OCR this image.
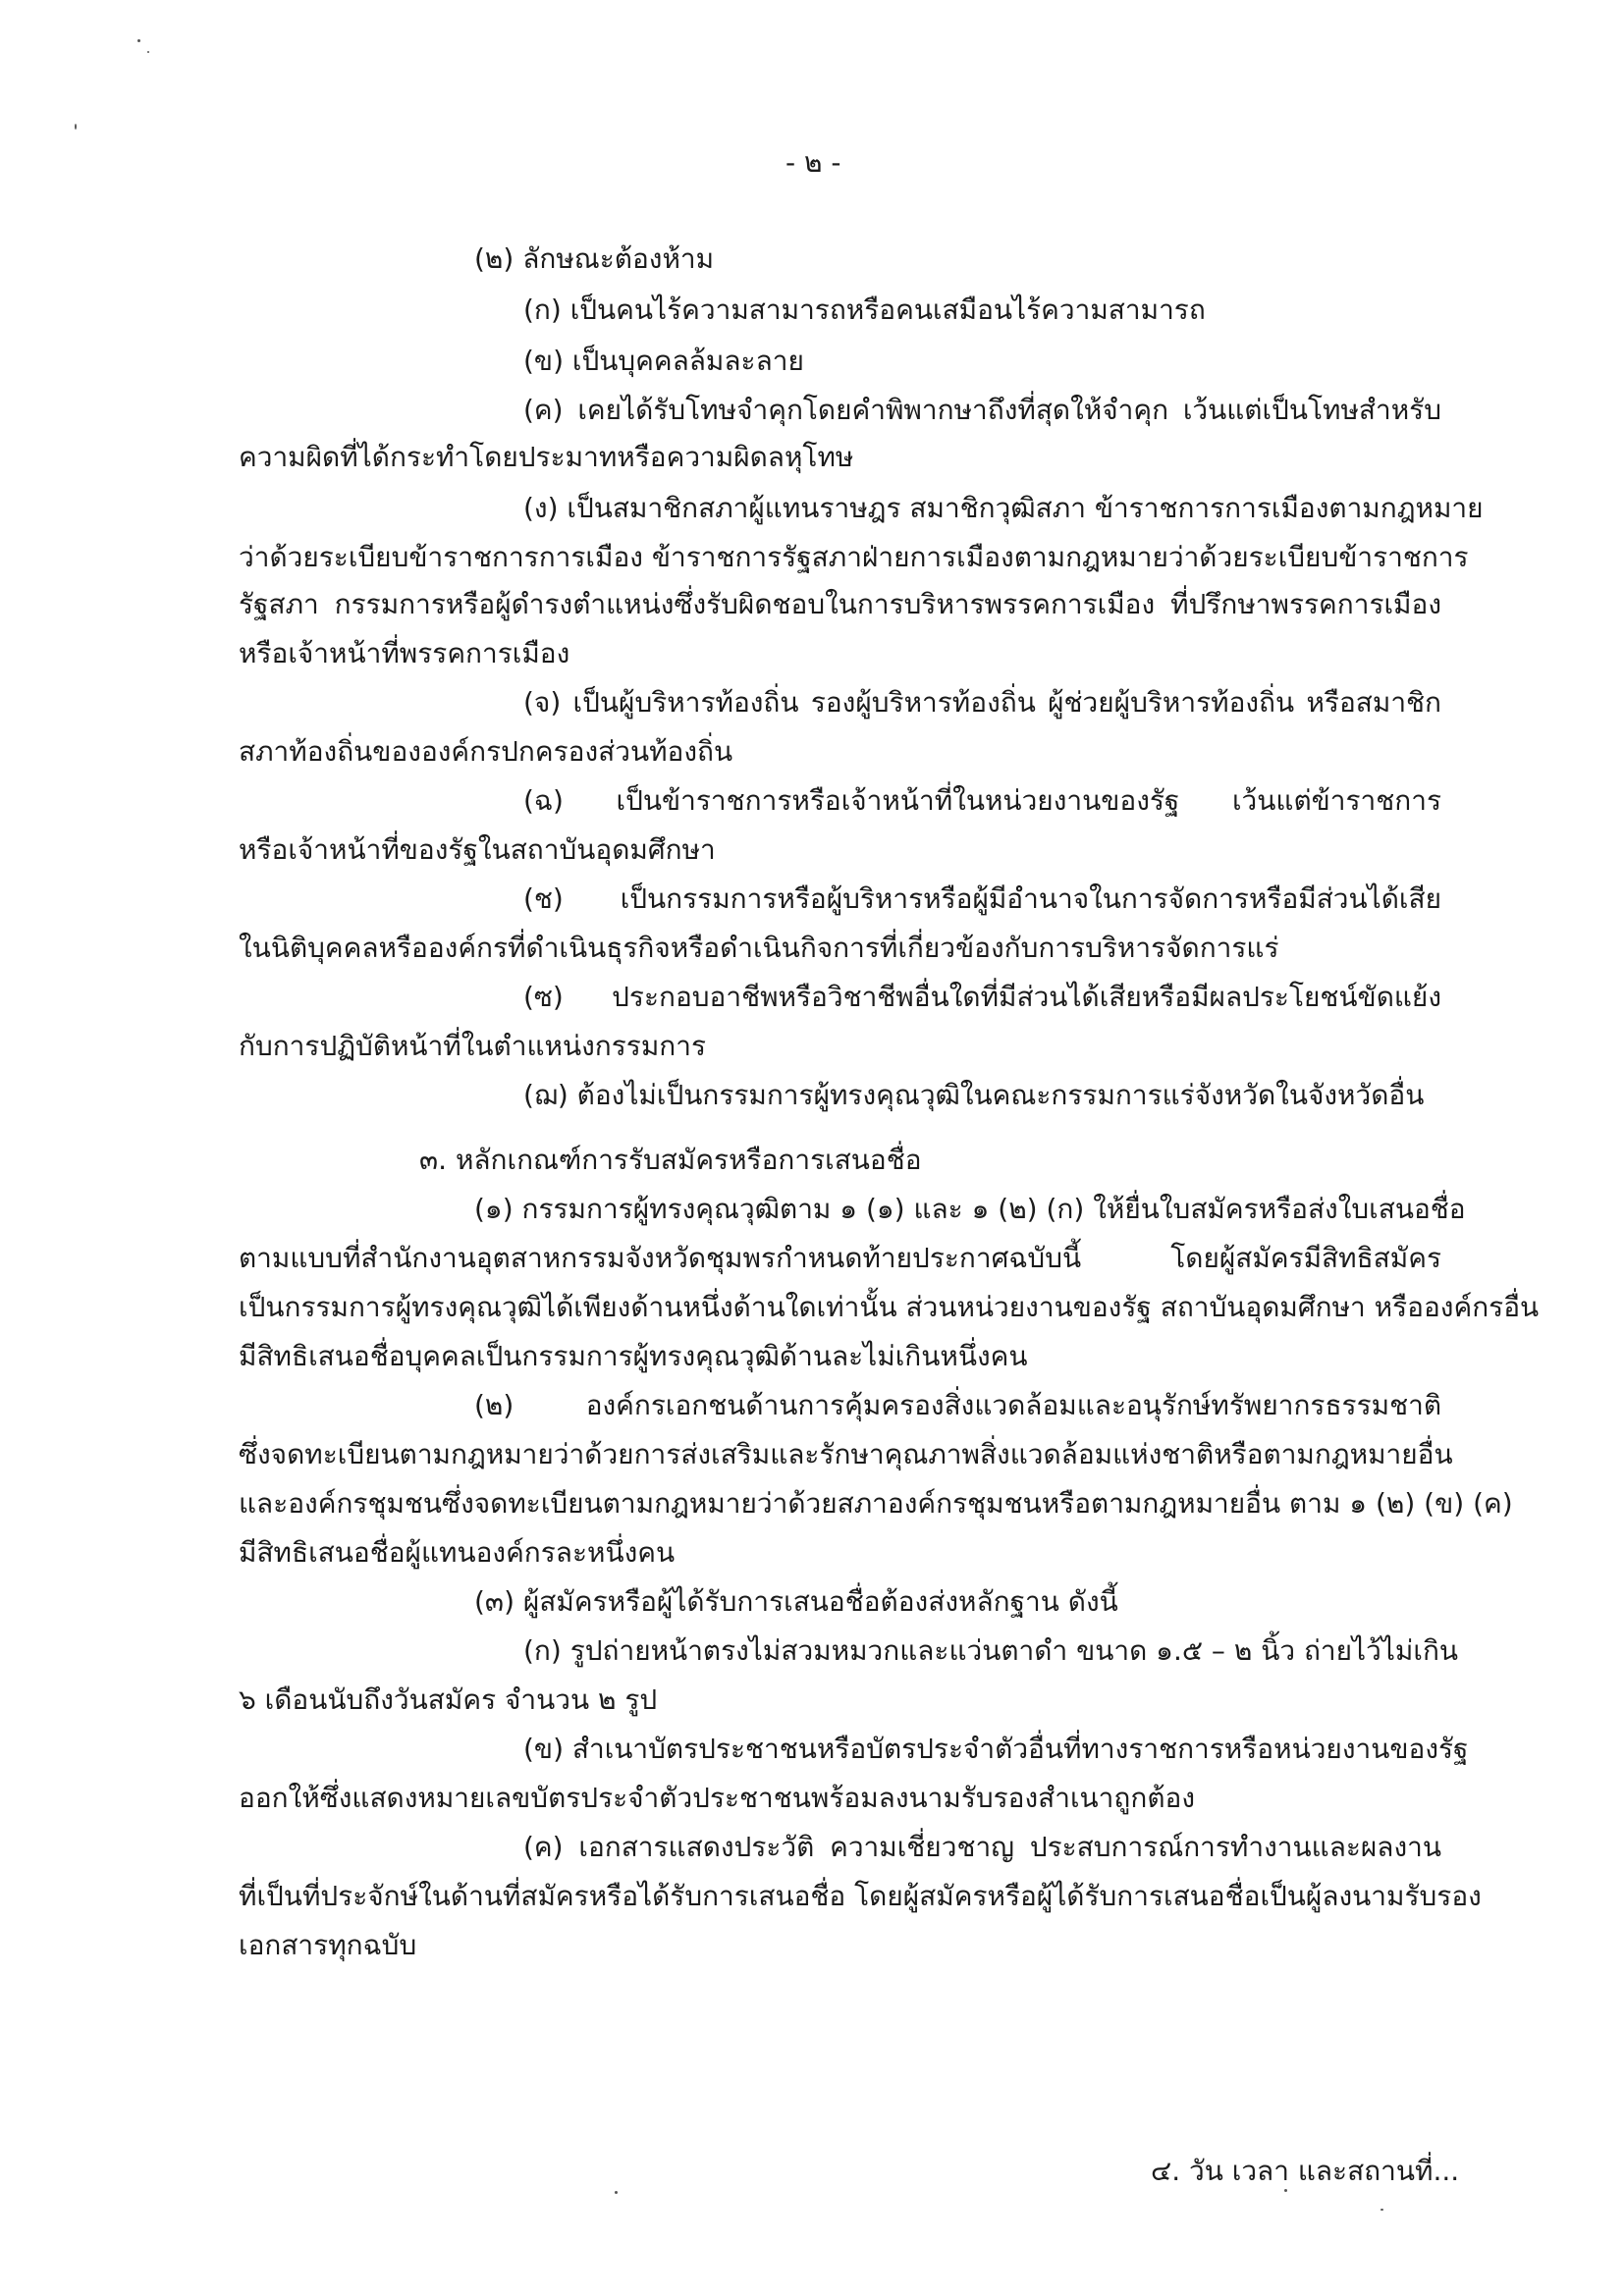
- ๒ -
(๒) ลักษณะต้องห้าม
(ก) เป็นคนไร้ความสามารถหรือคนเสมือนไร้ความสามารถ
(ข) เป็นบุคคลล้มละลาย
(ค) เคยได้รับโทษจำคุกโดยคำพิพากษาถึงที่สุดให้จำคุก เว้นแต่เป็นโทษสำหรับ
ความผิดที่ได้กระทำโดยประมาทหรือความผิดลหุโทษ
(ง) เป็นสมาชิกสภาผู้แทนราษฎร สมาชิกวุฒิสภา ข้าราชการการเมืองตามกฎหมาย
ว่าด้วยระเบียบข้าราชการการเมือง ข้าราชการรัฐสภาฝ่ายการเมืองตามกฎหมายว่าด้วยระเบียบข้าราชการ
รัฐสภา กรรมการหรือผู้ดำรงตำแหน่งซึ่งรับผิดชอบในการบริหารพรรคการเมือง ที่ปรึกษาพรรคการเมือง
หรือเจ้าหน้าที่พรรคการเมือง
(จ) เป็นผู้บริหารท้องถิ่น รองผู้บริหารท้องถิ่น ผู้ช่วยผู้บริหารท้องถิ่น หรือสมาชิก
สภาท้องถิ่นขององค์กรปกครองส่วนท้องถิ่น
(ฉ) เป็นข้าราชการหรือเจ้าหน้าที่ในหน่วยงานของรัฐ เว้นแต่ข้าราชการ
หรือเจ้าหน้าที่ของรัฐในสถาบันอุดมศึกษา
(ช) เป็นกรรมการหรือผู้บริหารหรือผู้มีอำนาจในการจัดการหรือมีส่วนได้เสีย
ในนิติบุคคลหรือองค์กรที่ดำเนินธุรกิจหรือดำเนินกิจการที่เกี่ยวข้องกับการบริหารจัดการแร่
(ซ) ประกอบอาชีพหรือวิชาชีพอื่นใดที่มีส่วนได้เสียหรือมีผลประโยชน์ขัดแย้ง
กับการปฏิบัติหน้าที่ในตำแหน่งกรรมการ
(ฌ) ต้องไม่เป็นกรรมการผู้ทรงคุณวุฒิในคณะกรรมการแร่จังหวัดในจังหวัดอื่น
๓. หลักเกณฑ์การรับสมัครหรือการเสนอชื่อ
(๑) กรรมการผู้ทรงคุณวุฒิตาม ๑ (๑) และ ๑ (๒) (ก) ให้ยื่นใบสมัครหรือส่งใบเสนอชื่อ
ตามแบบที่สำนักงานอุตสาหกรรมจังหวัดชุมพรกำหนดท้ายประกาศฉบับนี้ โดยผู้สมัครมีสิทธิสมัคร
เป็นกรรมการผู้ทรงคุณวุฒิได้เพียงด้านหนึ่งด้านใดเท่านั้น ส่วนหน่วยงานของรัฐ สถาบันอุดมศึกษา หรือองค์กรอื่น
มีสิทธิเสนอชื่อบุคคลเป็นกรรมการผู้ทรงคุณวุฒิด้านละไม่เกินหนึ่งคน
(๒) องค์กรเอกชนด้านการคุ้มครองสิ่งแวดล้อมและอนุรักษ์ทรัพยากรธรรมชาติ
ซึ่งจดทะเบียนตามกฎหมายว่าด้วยการส่งเสริมและรักษาคุณภาพสิ่งแวดล้อมแห่งชาติหรือตามกฎหมายอื่น
และองค์กรชุมชนซึ่งจดทะเบียนตามกฎหมายว่าด้วยสภาองค์กรชุมชนหรือตามกฎหมายอื่น ตาม ๑ (๒) (ข) (ค)
มีสิทธิเสนอชื่อผู้แทนองค์กรละหนึ่งคน
(๓) ผู้สมัครหรือผู้ได้รับการเสนอชื่อต้องส่งหลักฐาน ดังนี้
(ก) รูปถ่ายหน้าตรงไม่สวมหมวกและแว่นตาดำ ขนาด ๑.๕ – ๒ นิ้ว ถ่ายไว้ไม่เกิน
๖ เดือนนับถึงวันสมัคร จำนวน ๒ รูป
(ข) สำเนาบัตรประชาชนหรือบัตรประจำตัวอื่นที่ทางราชการหรือหน่วยงานของรัฐ
ออกให้ซึ่งแสดงหมายเลขบัตรประจำตัวประชาชนพร้อมลงนามรับรองสำเนาถูกต้อง
(ค) เอกสารแสดงประวัติ ความเชี่ยวชาญ ประสบการณ์การทำงานและผลงาน
ที่เป็นที่ประจักษ์ในด้านที่สมัครหรือได้รับการเสนอชื่อ โดยผู้สมัครหรือผู้ได้รับการเสนอชื่อเป็นผู้ลงนามรับรอง
เอกสารทุกฉบับ
๔. วัน เวลา และสถานที่...
